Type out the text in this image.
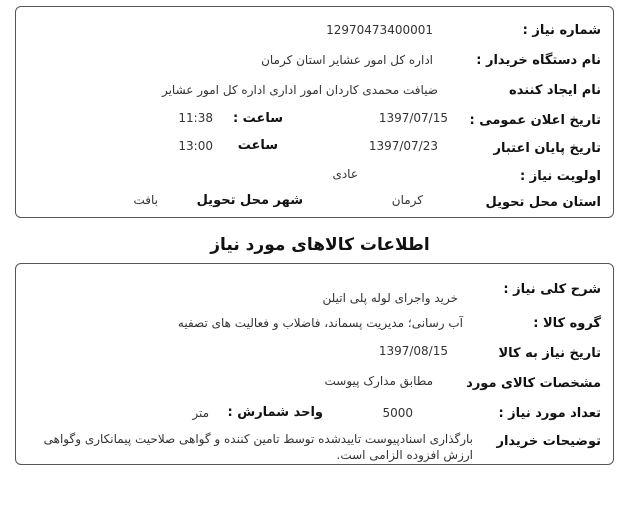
شماره نیاز :
12970473400001
نام دستگاه خریدار :
اداره کل امور عشایر استان کرمان
نام ایجاد کننده
ضیافت محمدی کاردان امور اداری اداره کل امور عشایر
تاریخ اعلان عمومی :
1397/07/15
ساعت :
11:38
تاریخ پایان اعتبار
1397/07/23
ساعت
13:00
اولویت نیاز :
عادی
استان محل تحویل
کرمان
شهر محل تحویل
بافت
اطلاعات کالاهای مورد نیاز
شرح کلی نیاز :
خرید واجرای لوله پلی اتیلن
گروه کالا :
آب رسانی؛ مدیریت پسماند، فاضلاب و فعالیت های تصفیه
تاریخ نیاز به کالا
1397/08/15
مشخصات کالای مورد
مطابق مدارک پیوست
تعداد مورد نیاز :
5000
واحد شمارش :
متر
توضیحات خریدار
بارگذاری اسنادپیوست تاییدشده توسط تامین کننده و گواهی صلاحیت پیمانکاری وگواهی ارزش افزوده الزامی است.
